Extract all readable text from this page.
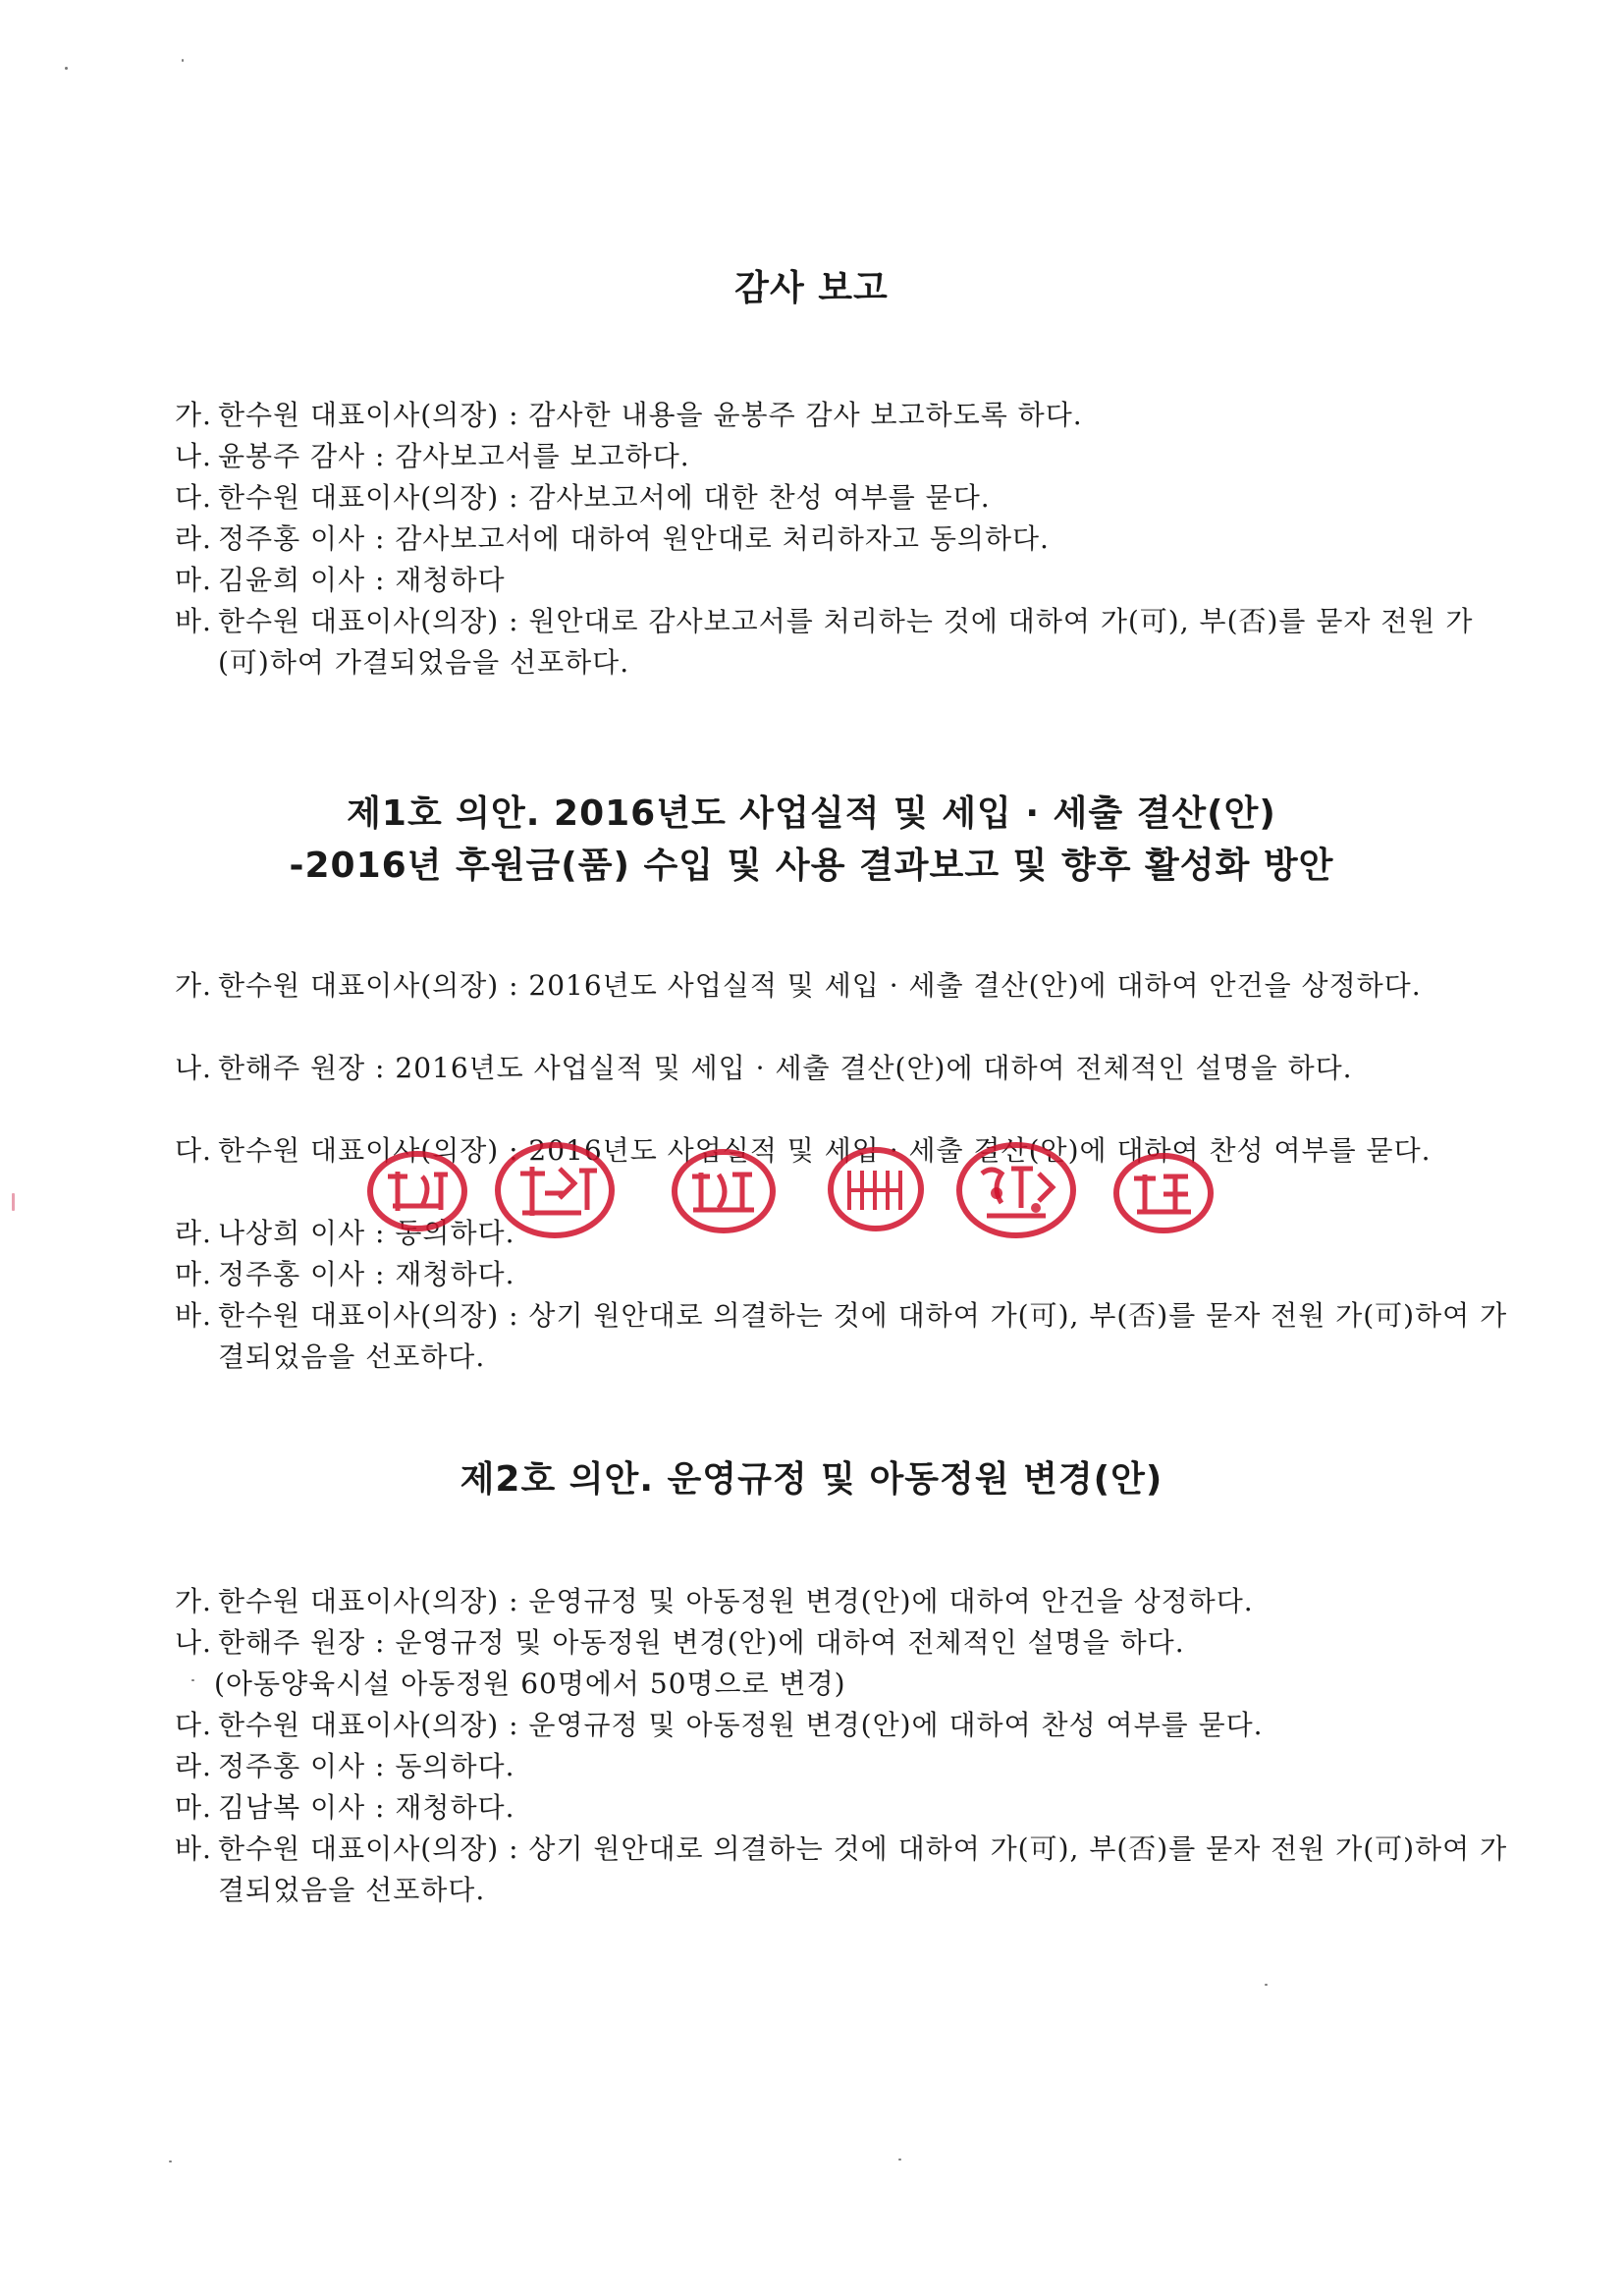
감사 보고

가. 한수원 대표이사(의장) : 감사한 내용을 윤봉주 감사 보고하도록 하다.

나. 윤봉주 감사 : 감사보고서를 보고하다.

다. 한수원 대표이사(의장) : 감사보고서에 대한 찬성 여부를 묻다.

라. 정주홍 이사 : 감사보고서에 대하여 원안대로 처리하자고 동의하다.

마. 김윤희 이사 : 재청하다

바. 한수원 대표이사(의장) : 원안대로 감사보고서를 처리하는 것에 대하여 가(可), 부(否)를 묻자 전원 가(可)하여 가결되었음을 선포하다.

제1호 의안. 2016년도 사업실적 및 세입 · 세출 결산(안)
-2016년 후원금(품) 수입 및 사용 결과보고 및 향후 활성화 방안

가. 한수원 대표이사(의장) : 2016년도 사업실적 및 세입 · 세출 결산(안)에 대하여 안건을 상정하다.

나. 한해주 원장 : 2016년도 사업실적 및 세입 · 세출 결산(안)에 대하여 전체적인 설명을 하다.

다. 한수원 대표이사(의장) : 2016년도 사업실적 및 세입 · 세출 결산(안)에 대하여 찬성 여부를 묻다.

라. 나상희 이사 : 동의하다.

마. 정주홍 이사 : 재청하다.

바. 한수원 대표이사(의장) : 상기 원안대로 의결하는 것에 대하여 가(可), 부(否)를 묻자 전원 가(可)하여 가결되었음을 선포하다.

제2호 의안. 운영규정 및 아동정원 변경(안)

가. 한수원 대표이사(의장) : 운영규정 및 아동정원 변경(안)에 대하여 안건을 상정하다.

나. 한해주 원장 : 운영규정 및 아동정원 변경(안)에 대하여 전체적인 설명을 하다.

(아동양육시설 아동정원 60명에서 50명으로 변경)

다. 한수원 대표이사(의장) : 운영규정 및 아동정원 변경(안)에 대하여 찬성 여부를 묻다.

라. 정주홍 이사 : 동의하다.

마. 김남복 이사 : 재청하다.

바. 한수원 대표이사(의장) : 상기 원안대로 의결하는 것에 대하여 가(可), 부(否)를 묻자 전원 가(可)하여 가결되었음을 선포하다.
